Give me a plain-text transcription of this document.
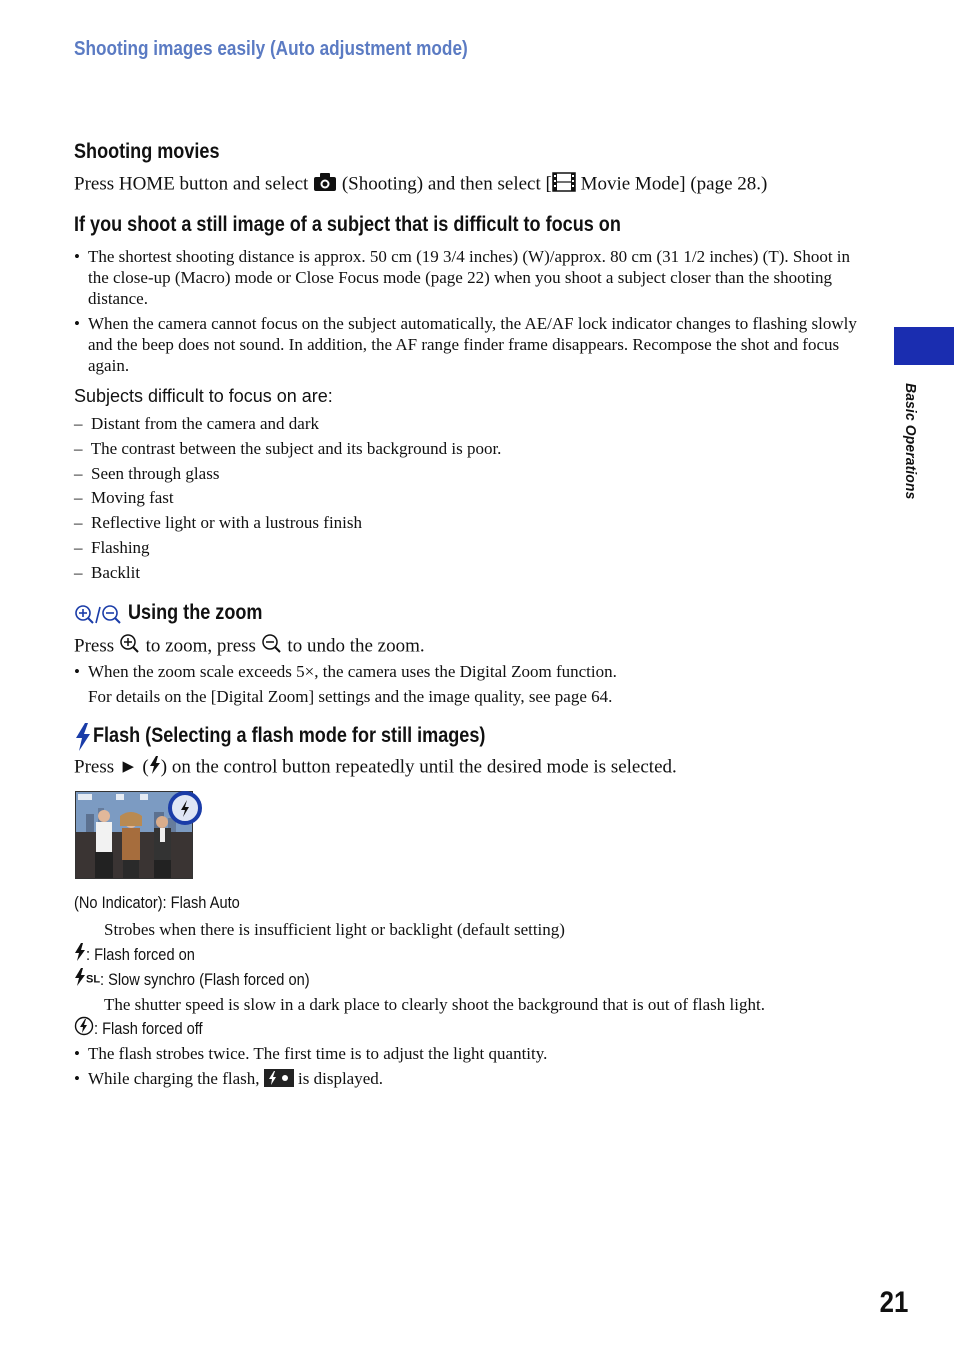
Shooting images easily (Auto adjustment mode)
Basic Operations
Shooting movies
Press HOME button and select (Shooting) and then select [ Movie Mode] (page 28.)
If you shoot a still image of a subject that is difficult to focus on
• The shortest shooting distance is approx. 50 cm (19 3/4 inches) (W)/approx. 80 cm (31 1/2 inches) (T). Shoot in the close-up (Macro) mode or Close Focus mode (page 22) when you shoot a subject closer than the shooting distance.
• When the camera cannot focus on the subject automatically, the AE/AF lock indicator changes to flashing slowly and the beep does not sound. In addition, the AF range finder frame disappears. Recompose the shot and focus again.
Subjects difficult to focus on are:
–  Distant from the camera and dark
–  The contrast between the subject and its background is poor.
–  Seen through glass
–  Moving fast
–  Reflective light or with a lustrous finish
–  Flashing
–  Backlit
Using the zoom
Press to zoom, press to undo the zoom.
• When the zoom scale exceeds 5×, the camera uses the Digital Zoom function.
For details on the [Digital Zoom] settings and the image quality, see page 64.
Flash (Selecting a flash mode for still images)
Press ► ( ) on the control button repeatedly until the desired mode is selected.
(No Indicator): Flash Auto
Strobes when there is insufficient light or backlight (default setting)
: Flash forced on
SL: Slow synchro (Flash forced on)
The shutter speed is slow in a dark place to clearly shoot the background that is out of flash light.
: Flash forced off
• The flash strobes twice. The first time is to adjust the light quantity.
• While charging the flash, is displayed.
21
